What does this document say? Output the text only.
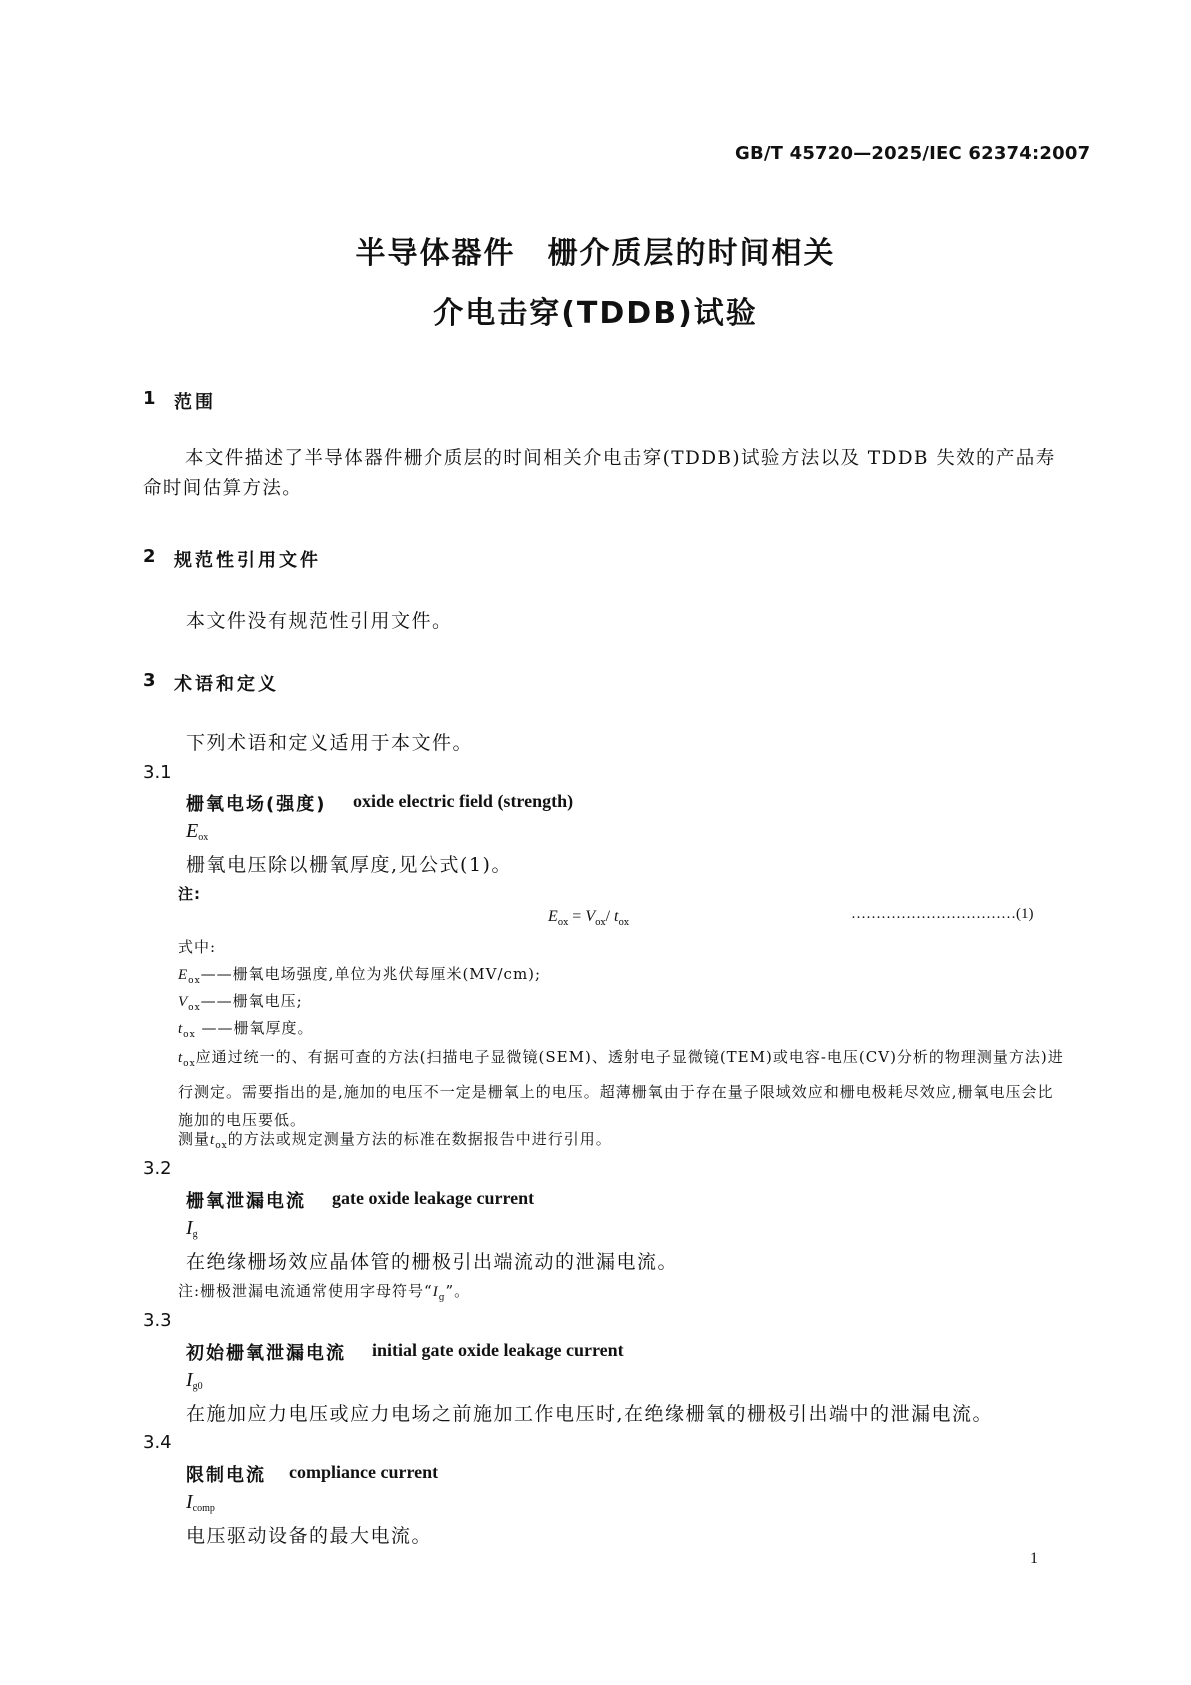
GB/T 45720—2025/IEC 62374:2007
半导体器件　栅介质层的时间相关
介电击穿(TDDB)试验
1 范围
本文件描述了半导体器件栅介质层的时间相关介电击穿(TDDB)试验方法以及 TDDB 失效的产品寿命时间估算方法。
2 规范性引用文件
本文件没有规范性引用文件。
3 术语和定义
下列术语和定义适用于本文件。
3.1
栅氧电场(强度) oxide electric field (strength)
$E_{ox}$
栅氧电压除以栅氧厚度,见公式(1)。
注:
$E_{ox} = V_{ox}/$ $t_{ox}$
……………………………(1)
式中:
$E_{ox}——$栅氧电场强度,单位为兆伏每厘米(MV/cm);
$V_{ox}——$栅氧电压;
$t_{ox}$ ——栅氧厚度。
$t_{ox}$应通过统一的、有据可查的方法(扫描电子显微镜(SEM)、透射电子显微镜(TEM)或电容-电压(CV)分析的物理测量方法)进行测定。需要指出的是,施加的电压不一定是栅氧上的电压。超薄栅氧由于存在量子限域效应和栅电极耗尽效应,栅氧电压会比施加的电压要低。
测量$t_{ox}$的方法或规定测量方法的标准在数据报告中进行引用。
3.2
栅氧泄漏电流 gate oxide leakage current
$I_g$
在绝缘栅场效应晶体管的栅极引出端流动的泄漏电流。
注:栅极泄漏电流通常使用字母符号“$I_g$”。
3.3
初始栅氧泄漏电流 initial gate oxide leakage current
$I_{g0}$
在施加应力电压或应力电场之前施加工作电压时,在绝缘栅氧的栅极引出端中的泄漏电流。
3.4
限制电流 compliance current
$I_{comp}$
电压驱动设备的最大电流。
1
